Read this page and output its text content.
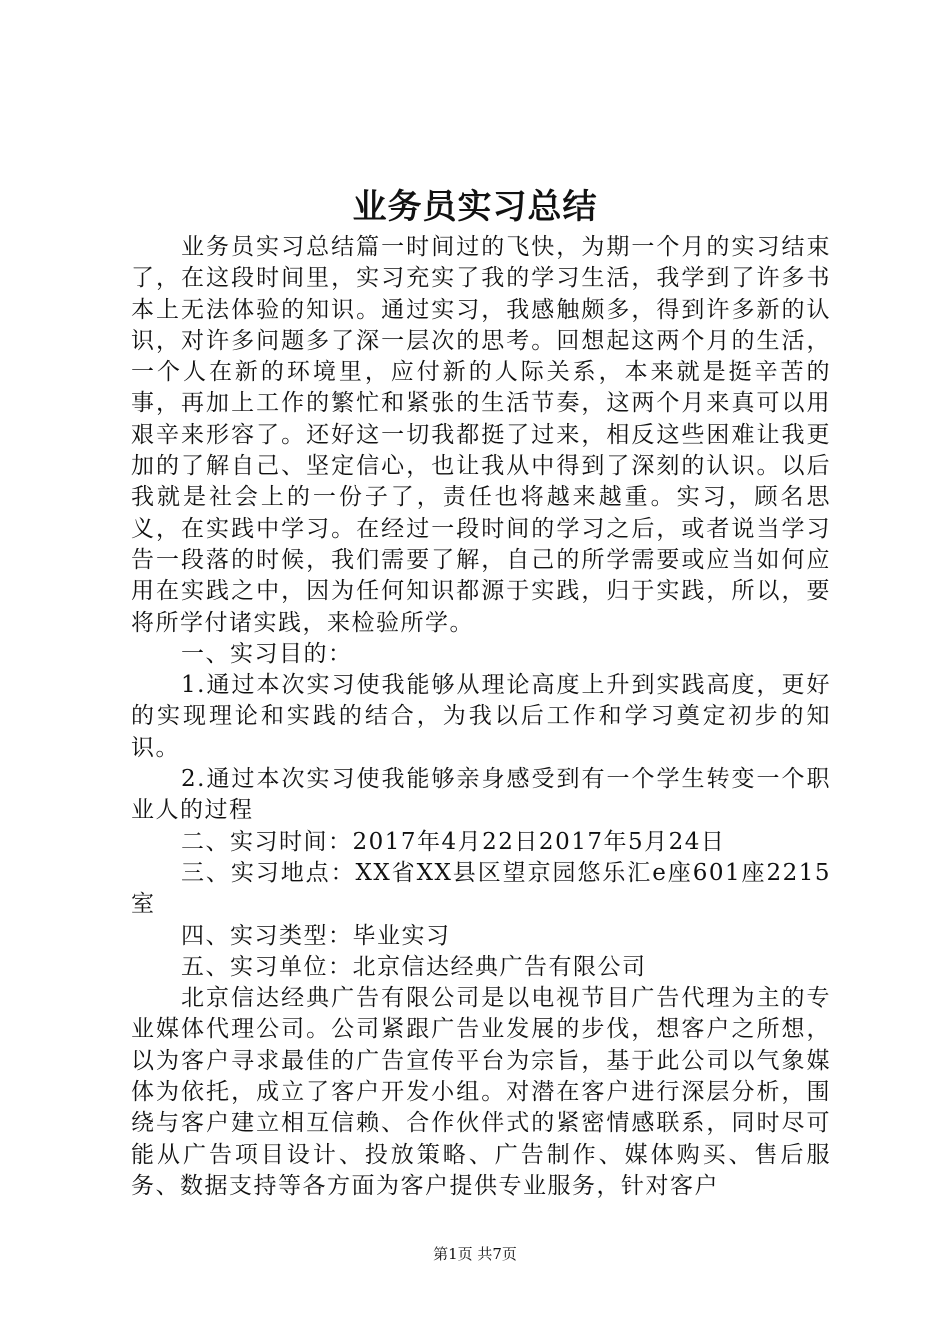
业务员实习总结

业务员实习总结篇一时间过的飞快，为期一个月的实习结束了，在这段时间里，实习充实了我的学习生活，我学到了许多书本上无法体验的知识。通过实习，我感触颇多，得到许多新的认识，对许多问题多了深一层次的思考。回想起这两个月的生活，一个人在新的环境里，应付新的人际关系，本来就是挺辛苦的事，再加上工作的繁忙和紧张的生活节奏，这两个月来真可以用艰辛来形容了。还好这一切我都挺了过来，相反这些困难让我更加的了解自己、坚定信心，也让我从中得到了深刻的认识。以后我就是社会上的一份子了，责任也将越来越重。实习，顾名思义，在实践中学习。在经过一段时间的学习之后，或者说当学习告一段落的时候，我们需要了解，自己的所学需要或应当如何应用在实践之中，因为任何知识都源于实践，归于实践，所以，要将所学付诸实践，来检验所学。

一、实习目的：

1.通过本次实习使我能够从理论高度上升到实践高度，更好的实现理论和实践的结合，为我以后工作和学习奠定初步的知识。

2.通过本次实习使我能够亲身感受到有一个学生转变一个职业人的过程

二、实习时间：2017年4月22日2017年5月24日

三、实习地点：XX省XX县区望京园悠乐汇e座601座2215室

四、实习类型：毕业实习

五、实习单位：北京信达经典广告有限公司

北京信达经典广告有限公司是以电视节目广告代理为主的专业媒体代理公司。公司紧跟广告业发展的步伐，想客户之所想，以为客户寻求最佳的广告宣传平台为宗旨，基于此公司以气象媒体为依托，成立了客户开发小组。对潜在客户进行深层分析，围绕与客户建立相互信赖、合作伙伴式的紧密情感联系，同时尽可能从广告项目设计、投放策略、广告制作、媒体购买、售后服务、数据支持等各方面为客户提供专业服务，针对客户

第1页 共7页
